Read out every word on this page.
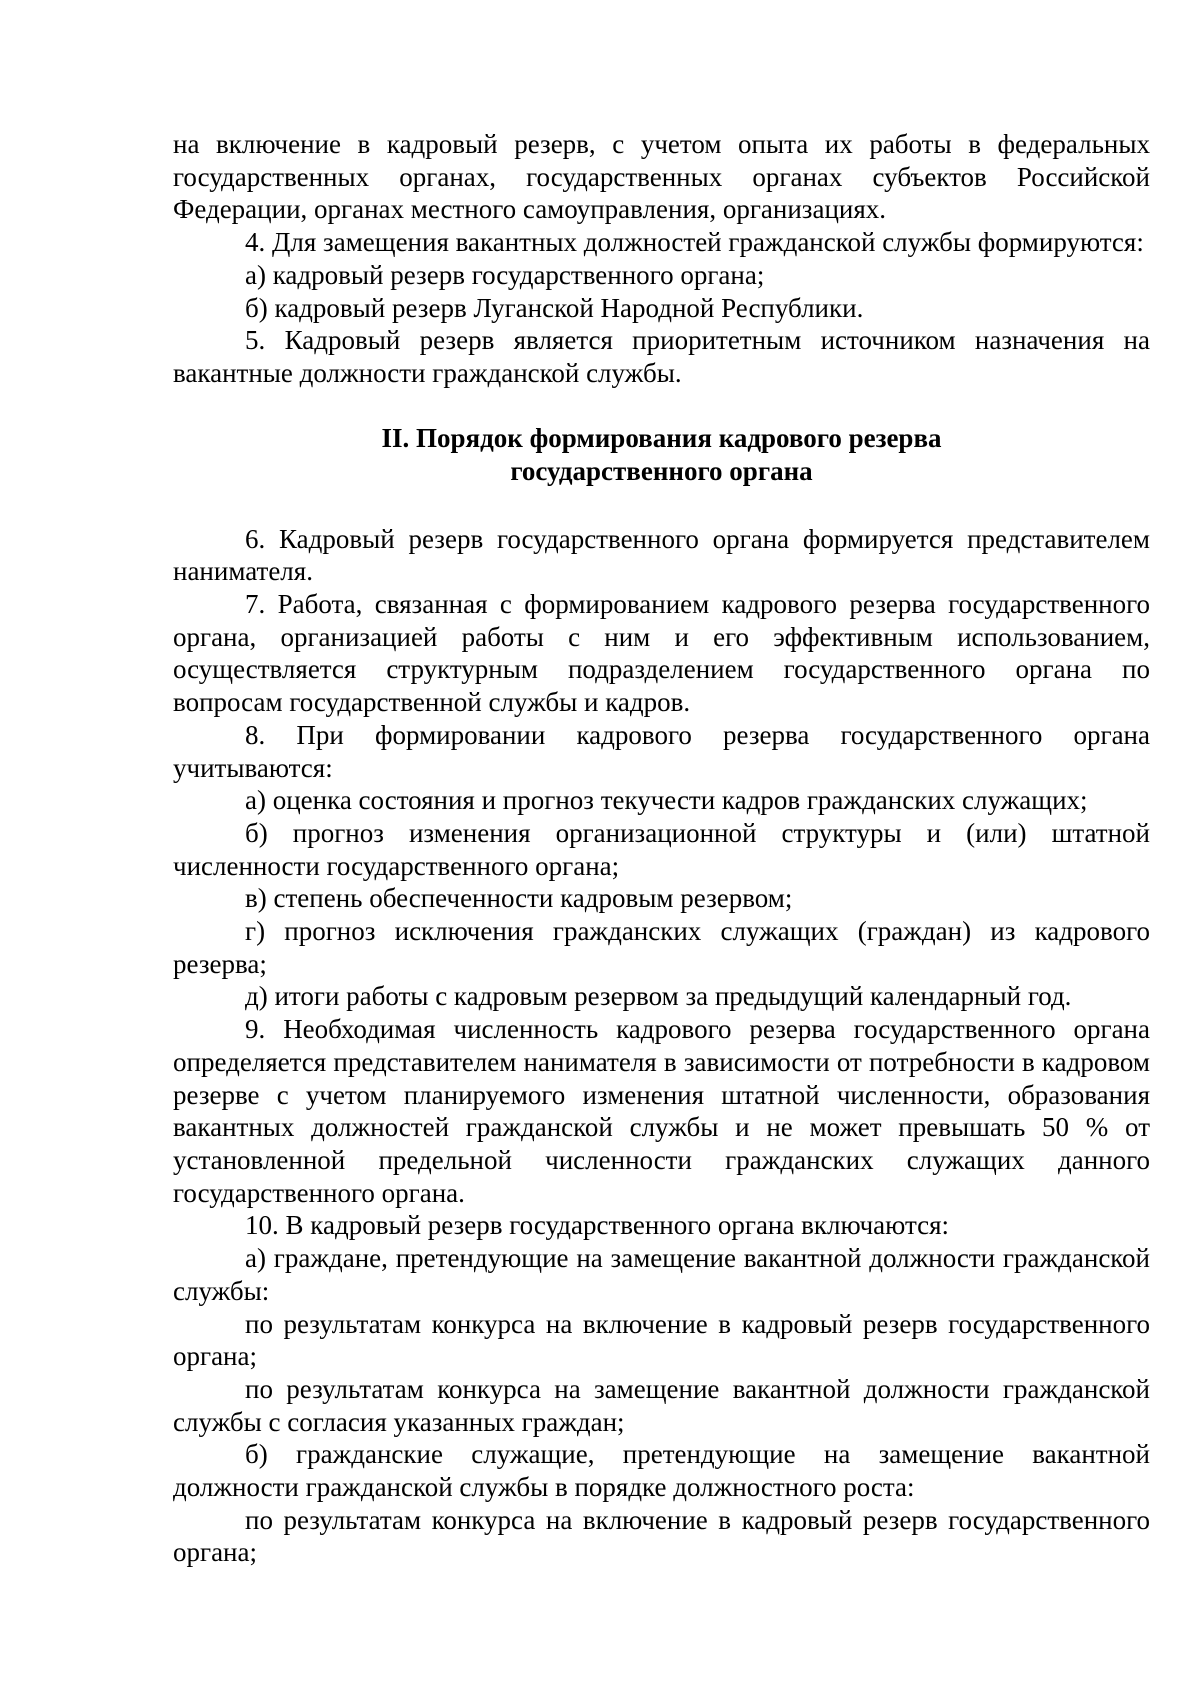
на включение в кадровый резерв, с учетом опыта их работы в федеральных государственных органах, государственных органах субъектов Российской Федерации, органах местного самоуправления, организациях.

4. Для замещения вакантных должностей гражданской службы формируются:

а) кадровый резерв государственного органа;

б) кадровый резерв Луганской Народной Республики.

5. Кадровый резерв является приоритетным источником назначения на вакантные должности гражданской службы.

II. Порядок формирования кадрового резерва
государственного органа

6. Кадровый резерв государственного органа формируется представителем нанимателя.

7. Работа, связанная с формированием кадрового резерва государственного органа, организацией работы с ним и его эффективным использованием, осуществляется структурным подразделением государственного органа по вопросам государственной службы и кадров.

8. При формировании кадрового резерва государственного органа учитываются:

а) оценка состояния и прогноз текучести кадров гражданских служащих;

б) прогноз изменения организационной структуры и (или) штатной численности государственного органа;

в) степень обеспеченности кадровым резервом;

г) прогноз исключения гражданских служащих (граждан) из кадрового резерва;

д) итоги работы с кадровым резервом за предыдущий календарный год.

9. Необходимая численность кадрового резерва государственного органа определяется представителем нанимателя в зависимости от потребности в кадровом резерве с учетом планируемого изменения штатной численности, образования вакантных должностей гражданской службы и не может превышать 50 % от установленной предельной численности гражданских служащих данного государственного органа.

10. В кадровый резерв государственного органа включаются:

а) граждане, претендующие на замещение вакантной должности гражданской службы:

по результатам конкурса на включение в кадровый резерв государственного органа;

по результатам конкурса на замещение вакантной должности гражданской службы с согласия указанных граждан;

б) гражданские служащие, претендующие на замещение вакантной должности гражданской службы в порядке должностного роста:

по результатам конкурса на включение в кадровый резерв государственного органа;
